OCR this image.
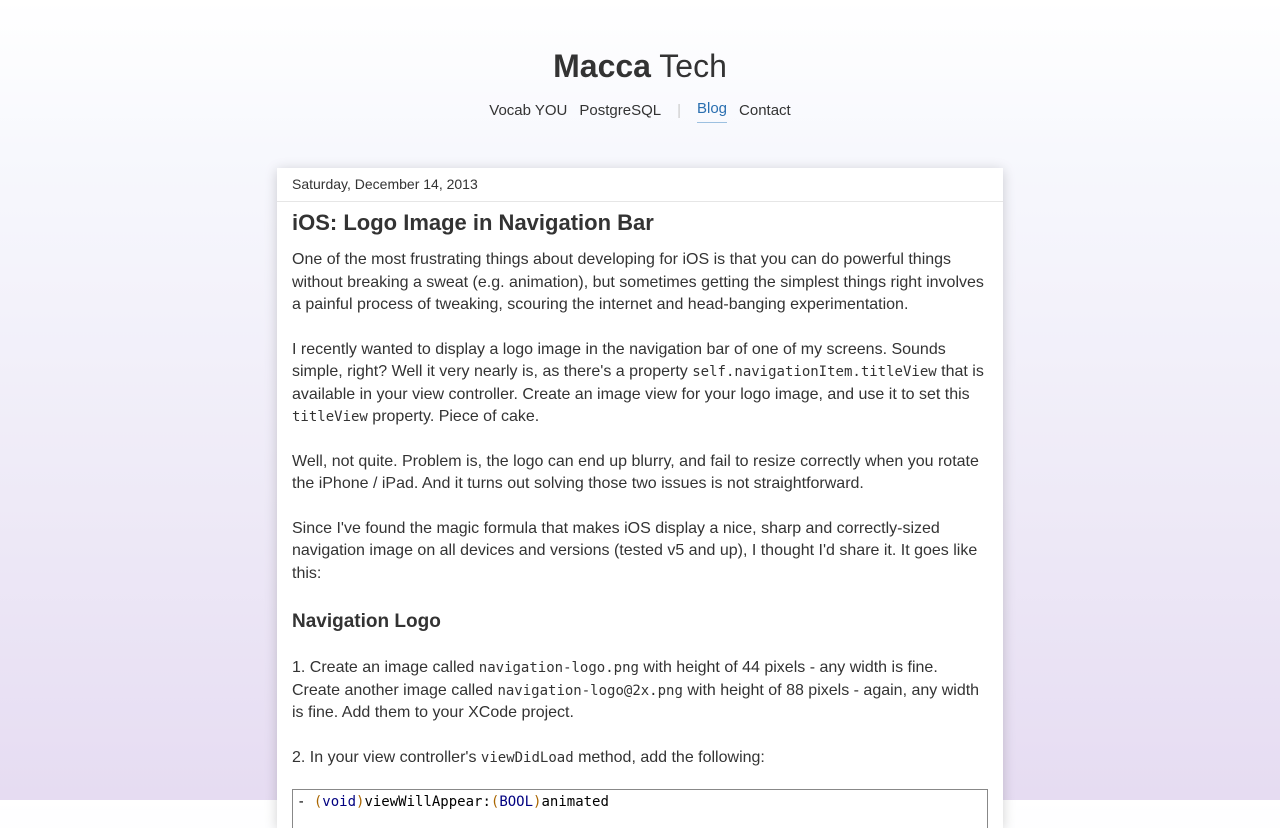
Macca Tech
Vocab YOU PostgreSQL	|	Blog Contact
Saturday, December 14, 2013
iOS: Logo Image in Navigation Bar

One of the most frustrating things about developing for iOS is that you can do powerful things without breaking a sweat (e.g. animation), but sometimes getting the simplest things right involves a painful process of tweaking, scouring the internet and head-banging experimentation.

I recently wanted to display a logo image in the navigation bar of one of my screens. Sounds simple, right? Well it very nearly is, as there's a property self.navigationItem.titleView that is available in your view controller. Create an image view for your logo image, and use it to set this titleView property. Piece of cake.

Well, not quite. Problem is, the logo can end up blurry, and fail to resize correctly when you rotate the iPhone / iPad. And it turns out solving those two issues is not straightforward.

Since I've found the magic formula that makes iOS display a nice, sharp and correctly-sized navigation image on all devices and versions (tested v5 and up), I thought I'd share it. It goes like this:

Navigation Logo

1. Create an image called navigation-logo.png with height of 44 pixels - any width is fine. Create another image called navigation-logo@2x.png with height of 88 pixels - again, any width is fine. Add them to your XCode project.

2. In your view controller's viewDidLoad method, add the following:

- (void)viewWillAppear:(BOOL)animated
